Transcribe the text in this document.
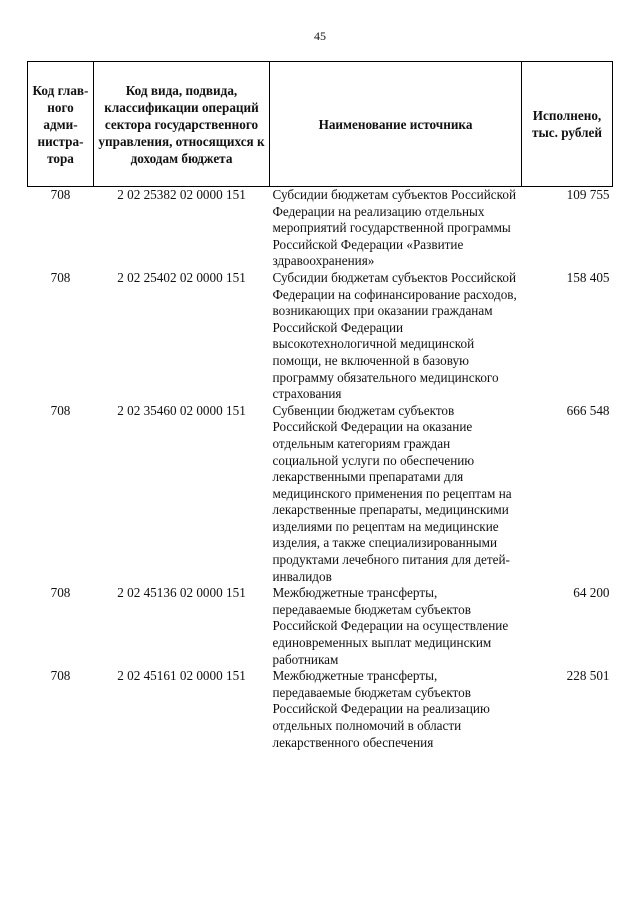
45
Код глав-ного адми-нистра-тора	Код вида, подвида, классификации операций сектора государственного управления, относящихся к доходам бюджета	Наименование источника	Исполнено, тыс. рублей
708	2 02 25382 02 0000 151	Субсидии бюджетам субъектов Российской Федерации на реализацию отдельных мероприятий государственной программы Российской Федерации «Развитие здравоохранения»	109 755
708	2 02 25402 02 0000 151	Субсидии бюджетам субъектов Российской Федерации на софинансирование расходов, возникающих при оказании гражданам Российской Федерации высокотехнологичной медицинской помощи, не включенной в базовую программу обязательного медицинского страхования	158 405
708	2 02 35460 02 0000 151	Субвенции бюджетам субъектов Российской Федерации на оказание отдельным категориям граждан социальной услуги по обеспечению лекарственными препаратами для медицинского применения по рецептам на лекарственные препараты, медицинскими изделиями по рецептам на медицинские изделия, а также специализированными продуктами лечебного питания для детей-инвалидов	666 548
708	2 02 45136 02 0000 151	Межбюджетные трансферты, передаваемые бюджетам субъектов Российской Федерации на осуществление единовременных выплат медицинским работникам	64 200
708	2 02 45161 02 0000 151	Межбюджетные трансферты, передаваемые бюджетам субъектов Российской Федерации на реализацию отдельных полномочий в области лекарственного обеспечения	228 501
